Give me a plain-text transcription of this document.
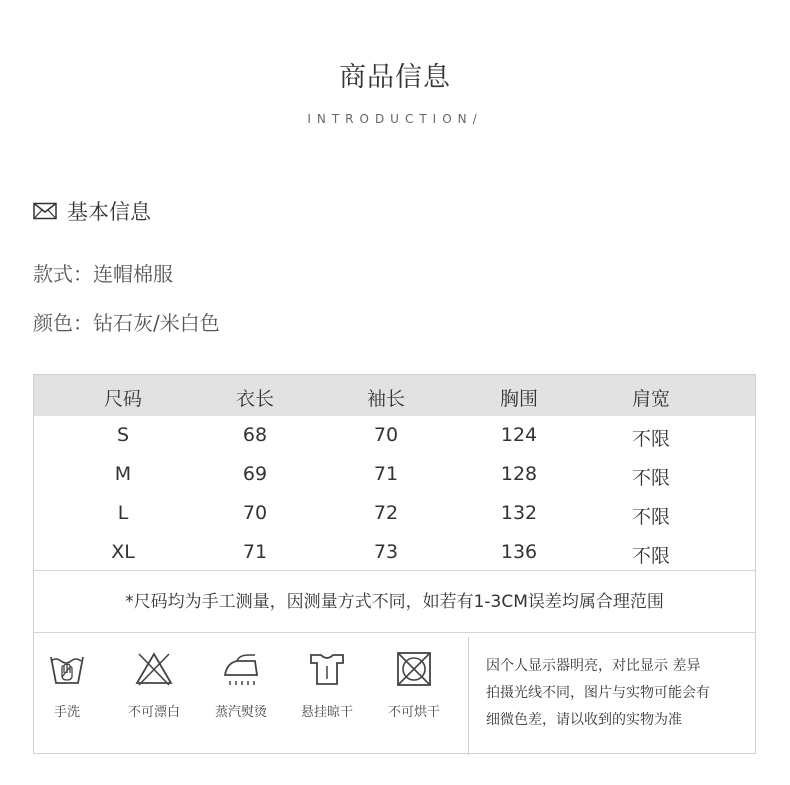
商品信息
INTRODUCTION/
基本信息
款式：连帽棉服
颜色：钻石灰/米白色
尺码	衣长	袖长	胸围	肩宽
S	68	70	124	不限
M	69	71	128	不限
L	70	72	132	不限
XL	71	73	136	不限
*尺码均为手工测量，因测量方式不同，如若有1-3CM误差均属合理范围
手洗	不可漂白	蒸汽熨烫	悬挂晾干	不可烘干
因个人显示器明亮，对比显示 差异
拍摄光线不同，图片与实物可能会有
细微色差，请以收到的实物为准
